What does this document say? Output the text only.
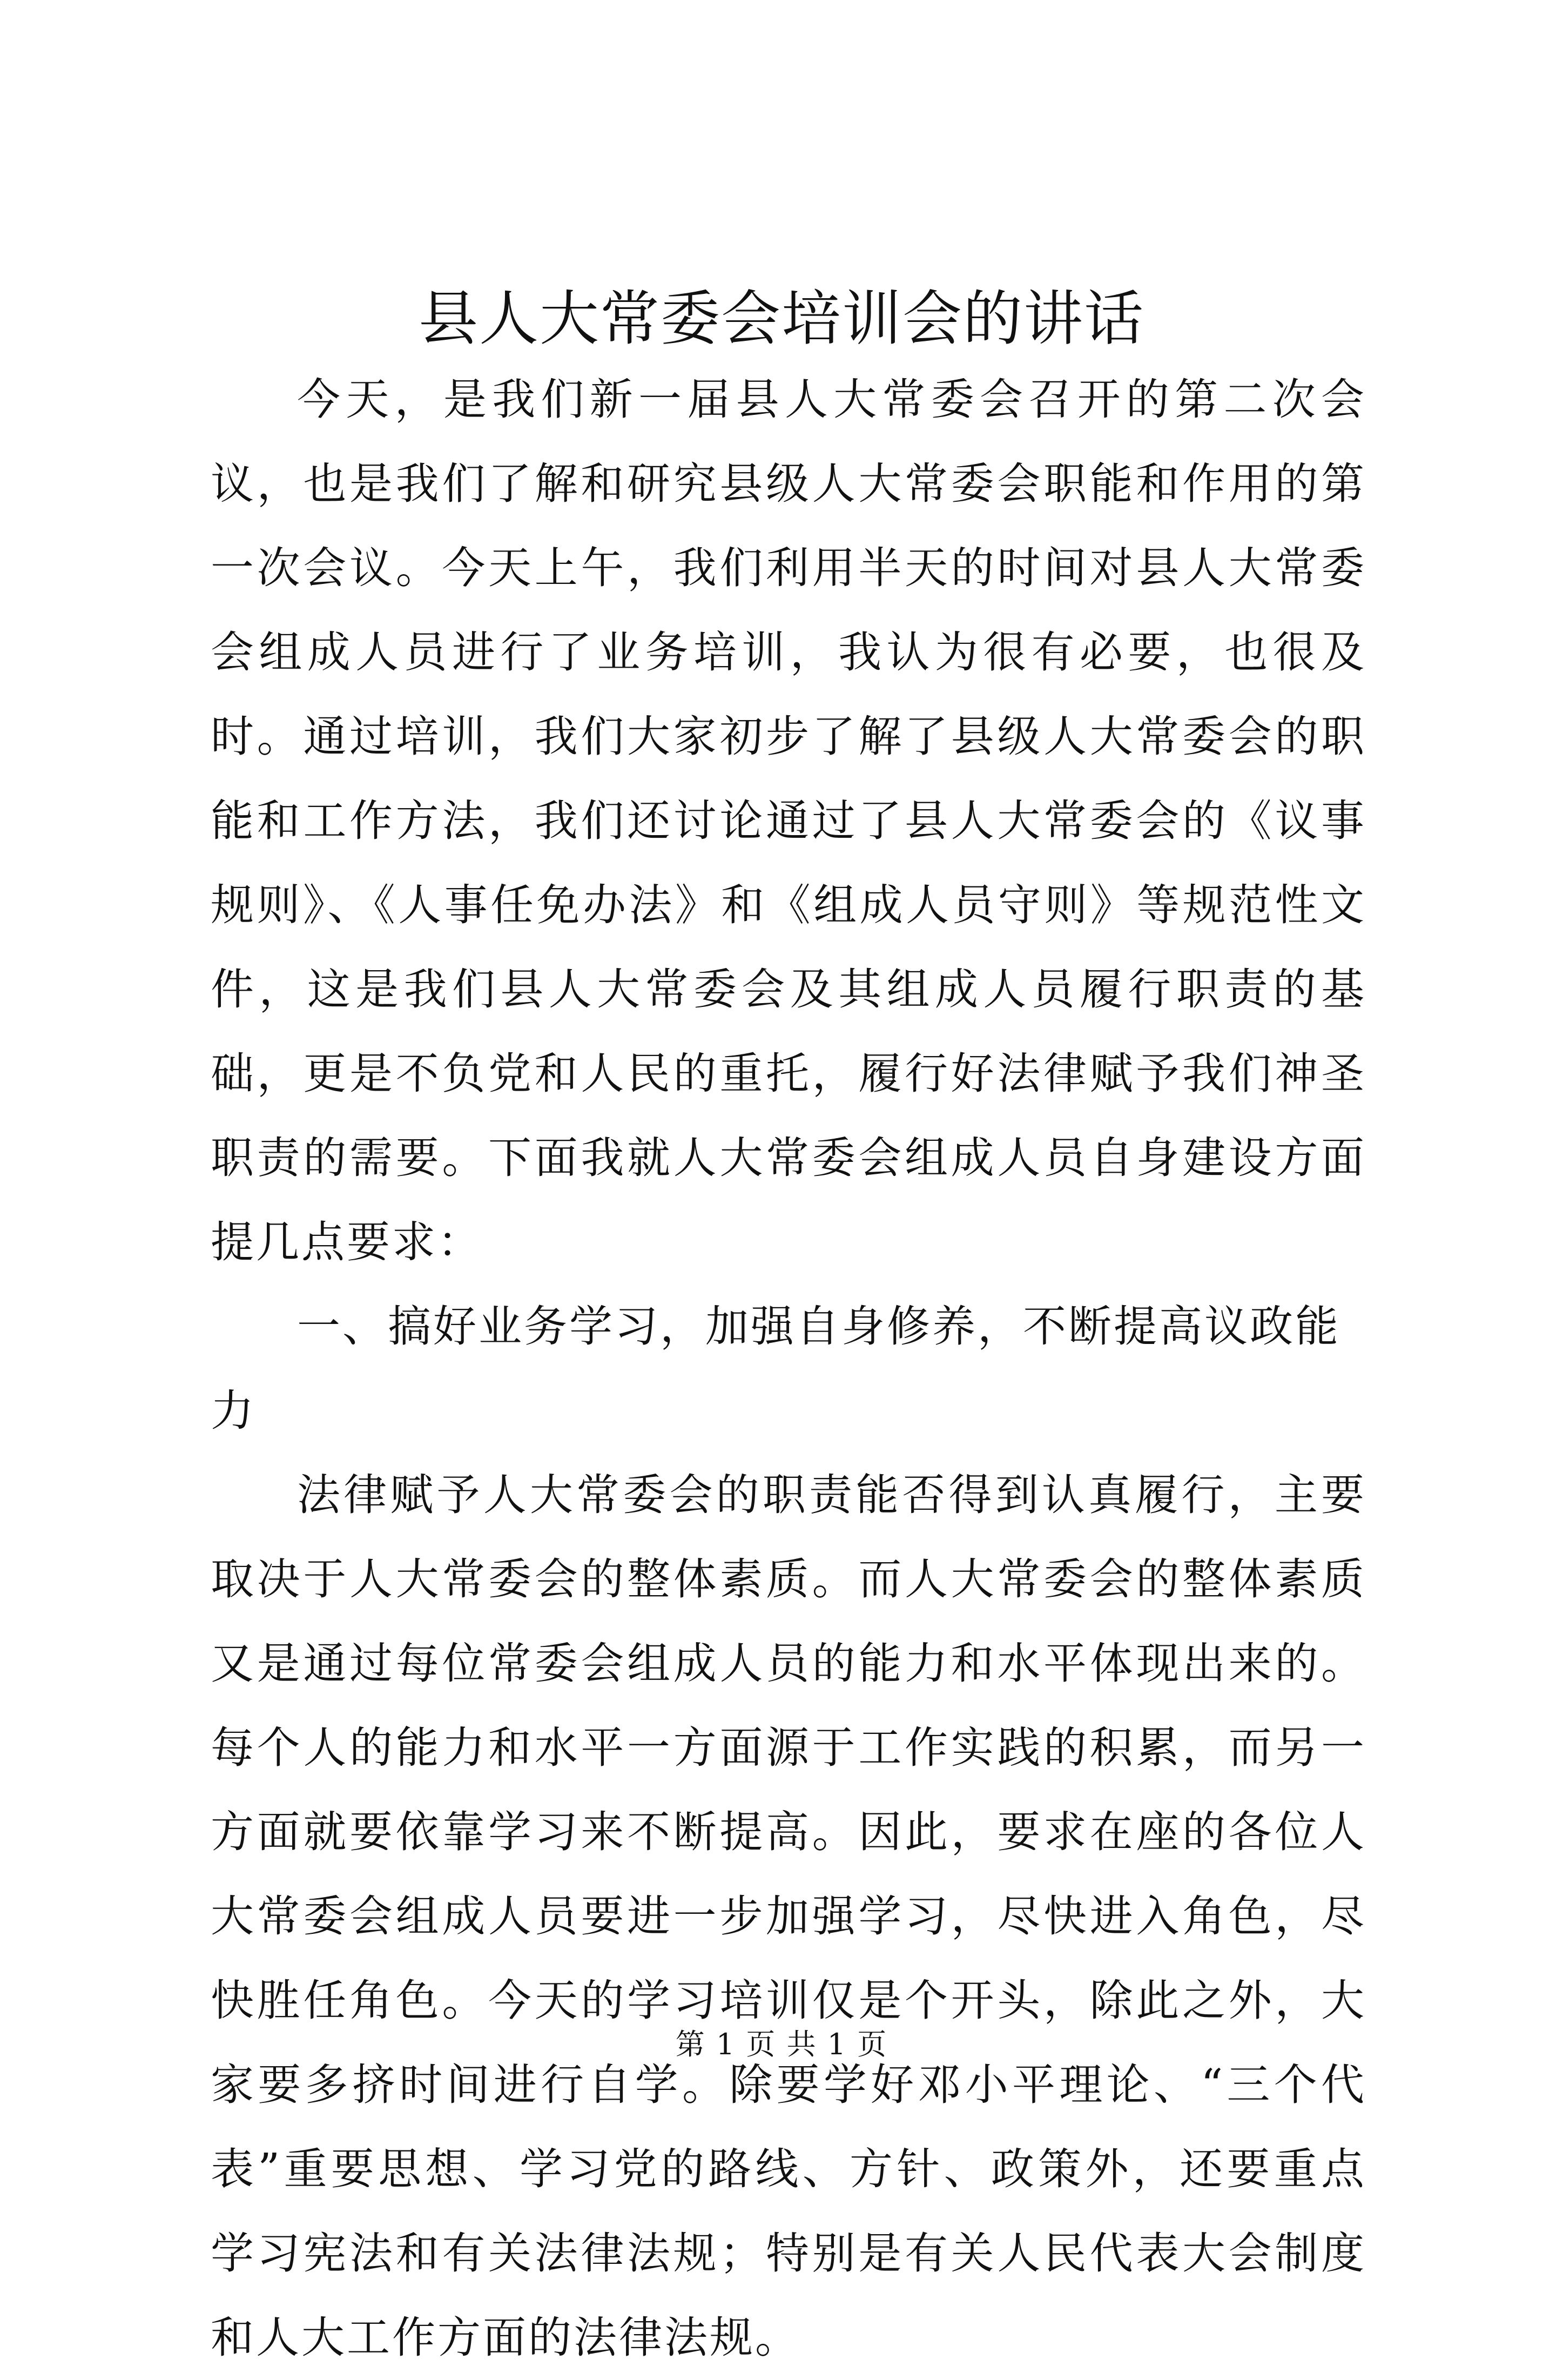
县人大常委会培训会的讲话

今天，是我们新一届县人大常委会召开的第二次会议，也是我们了解和研究县级人大常委会职能和作用的第一次会议。今天上午，我们利用半天的时间对县人大常委会组成人员进行了业务培训，我认为很有必要，也很及时。通过培训，我们大家初步了解了县级人大常委会的职能和工作方法，我们还讨论通过了县人大常委会的《议事规则》、《人事任免办法》和《组成人员守则》等规范性文件，这是我们县人大常委会及其组成人员履行职责的基础，更是不负党和人民的重托，履行好法律赋予我们神圣职责的需要。下面我就人大常委会组成人员自身建设方面提几点要求：

一、搞好业务学习，加强自身修养，不断提高议政能力

法律赋予人大常委会的职责能否得到认真履行，主要取决于人大常委会的整体素质。而人大常委会的整体素质又是通过每位常委会组成人员的能力和水平体现出来的。每个人的能力和水平一方面源于工作实践的积累，而另一方面就要依靠学习来不断提高。因此，要求在座的各位人大常委会组成人员要进一步加强学习，尽快进入角色，尽快胜任角色。今天的学习培训仅是个开头，除此之外，大家要多挤时间进行自学。除要学好邓小平理论、“三个代表”重要思想、学习党的路线、方针、政策外，还要重点学习宪法和有关法律法规；特别是有关人民代表大会制度和人大工作方面的法律法规。

第 1 页 共 1 页
